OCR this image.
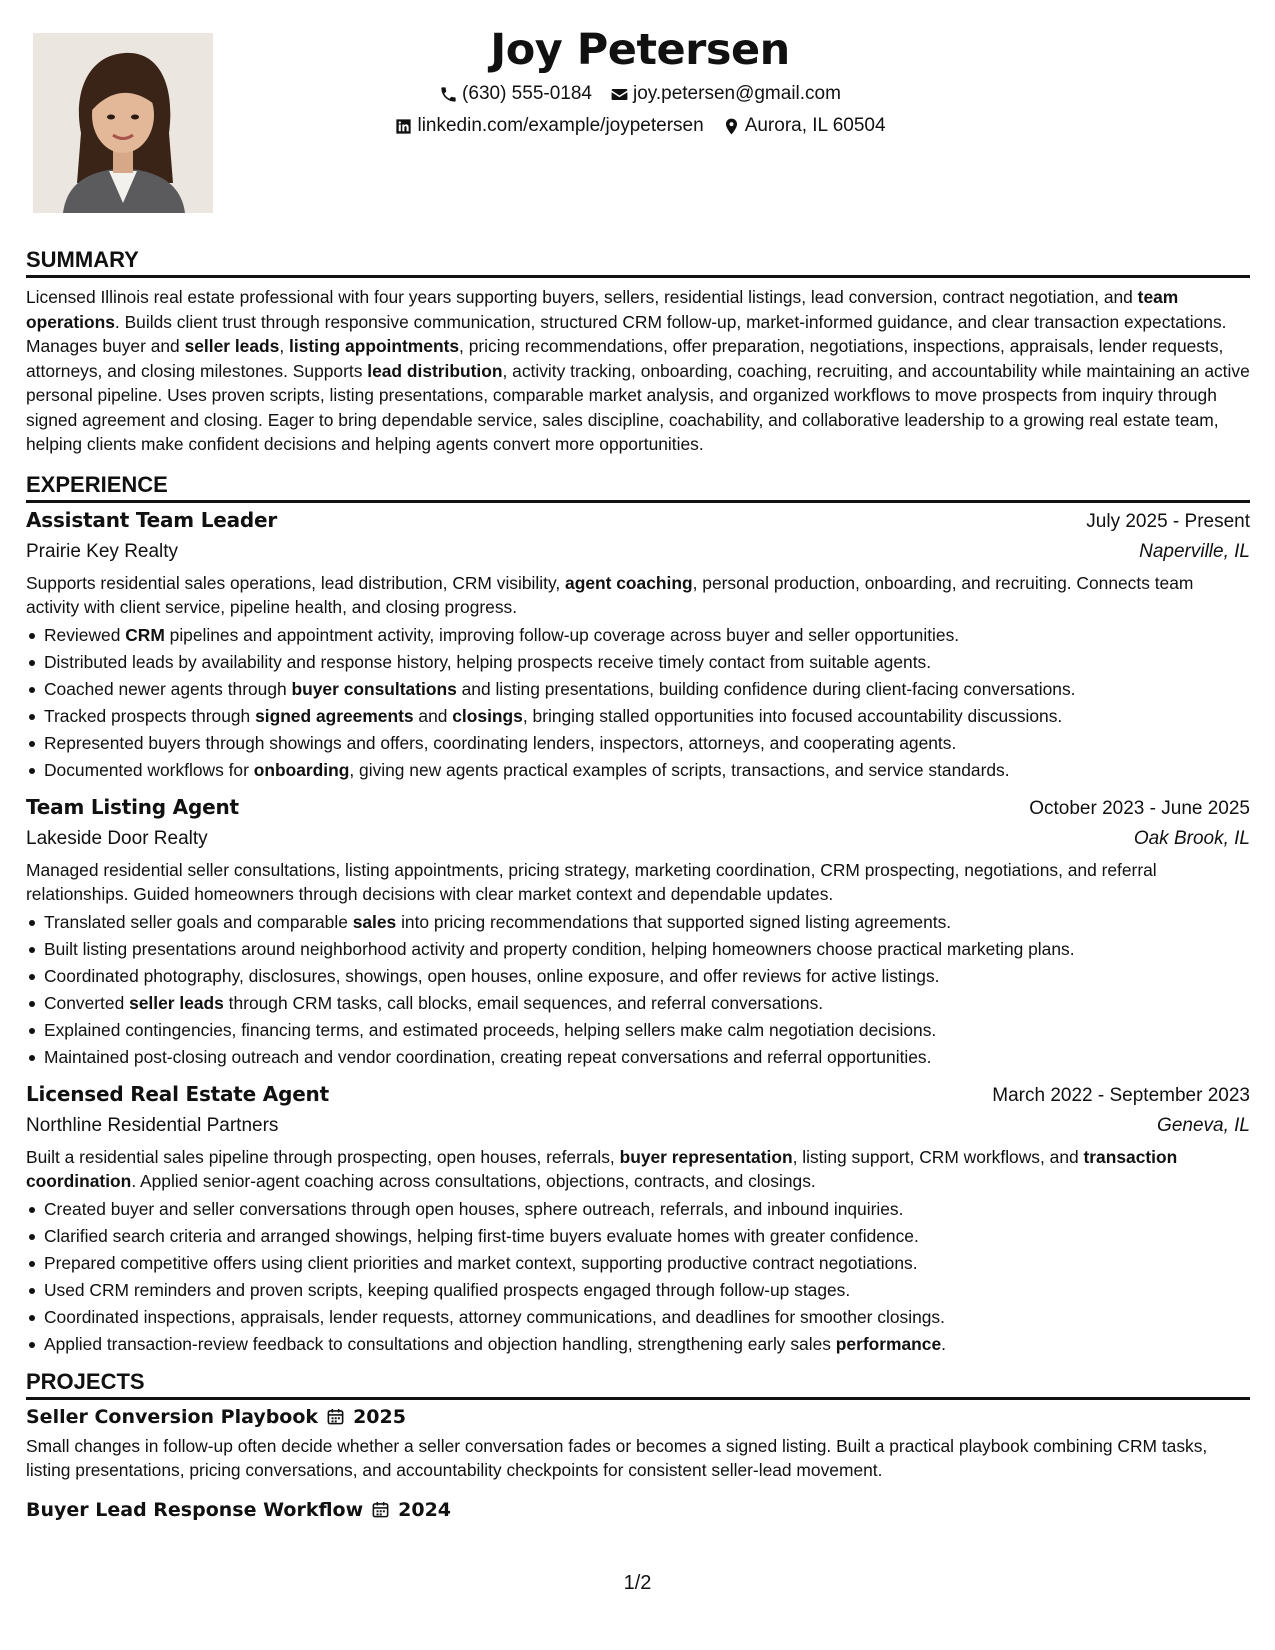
Joy Petersen
(630) 555-0184 joy.petersen@gmail.com
linkedin.com/example/joypetersen Aurora, IL 60504
SUMMARY

Licensed Illinois real estate professional with four years supporting buyers, sellers, residential listings, lead conversion, contract negotiation, and team operations. Builds client trust through responsive communication, structured CRM follow-up, market-informed guidance, and clear transaction expectations. Manages buyer and seller leads, listing appointments, pricing recommendations, offer preparation, negotiations, inspections, appraisals, lender requests, attorneys, and closing milestones. Supports lead distribution, activity tracking, onboarding, coaching, recruiting, and accountability while maintaining an active personal pipeline. Uses proven scripts, listing presentations, comparable market analysis, and organized workflows to move prospects from inquiry through signed agreement and closing. Eager to bring dependable service, sales discipline, coachability, and collaborative leadership to a growing real estate team, helping clients make confident decisions and helping agents convert more opportunities.

EXPERIENCE
Assistant Team Leader	July 2025 - Present
Prairie Key Realty	Naperville, IL

Supports residential sales operations, lead distribution, CRM visibility, agent coaching, personal production, onboarding, and recruiting. Connects team activity with client service, pipeline health, and closing progress.

Reviewed CRM pipelines and appointment activity, improving follow-up coverage across buyer and seller opportunities.
Distributed leads by availability and response history, helping prospects receive timely contact from suitable agents.
Coached newer agents through buyer consultations and listing presentations, building confidence during client-facing conversations.
Tracked prospects through signed agreements and closings, bringing stalled opportunities into focused accountability discussions.
Represented buyers through showings and offers, coordinating lenders, inspectors, attorneys, and cooperating agents.
Documented workflows for onboarding, giving new agents practical examples of scripts, transactions, and service standards.
Team Listing Agent	October 2023 - June 2025
Lakeside Door Realty	Oak Brook, IL

Managed residential seller consultations, listing appointments, pricing strategy, marketing coordination, CRM prospecting, negotiations, and referral relationships. Guided homeowners through decisions with clear market context and dependable updates.

Translated seller goals and comparable sales into pricing recommendations that supported signed listing agreements.
Built listing presentations around neighborhood activity and property condition, helping homeowners choose practical marketing plans.
Coordinated photography, disclosures, showings, open houses, online exposure, and offer reviews for active listings.
Converted seller leads through CRM tasks, call blocks, email sequences, and referral conversations.
Explained contingencies, financing terms, and estimated proceeds, helping sellers make calm negotiation decisions.
Maintained post-closing outreach and vendor coordination, creating repeat conversations and referral opportunities.
Licensed Real Estate Agent	March 2022 - September 2023
Northline Residential Partners	Geneva, IL

Built a residential sales pipeline through prospecting, open houses, referrals, buyer representation, listing support, CRM workflows, and transaction coordination. Applied senior-agent coaching across consultations, objections, contracts, and closings.

Created buyer and seller conversations through open houses, sphere outreach, referrals, and inbound inquiries.
Clarified search criteria and arranged showings, helping first-time buyers evaluate homes with greater confidence.
Prepared competitive offers using client priorities and market context, supporting productive contract negotiations.
Used CRM reminders and proven scripts, keeping qualified prospects engaged through follow-up stages.
Coordinated inspections, appraisals, lender requests, attorney communications, and deadlines for smoother closings.
Applied transaction-review feedback to consultations and objection handling, strengthening early sales performance.
PROJECTS
Seller Conversion Playbook 2025

Small changes in follow-up often decide whether a seller conversation fades or becomes a signed listing. Built a practical playbook combining CRM tasks, listing presentations, pricing conversations, and accountability checkpoints for consistent seller-lead movement.

Buyer Lead Response Workflow 2024
1/2
